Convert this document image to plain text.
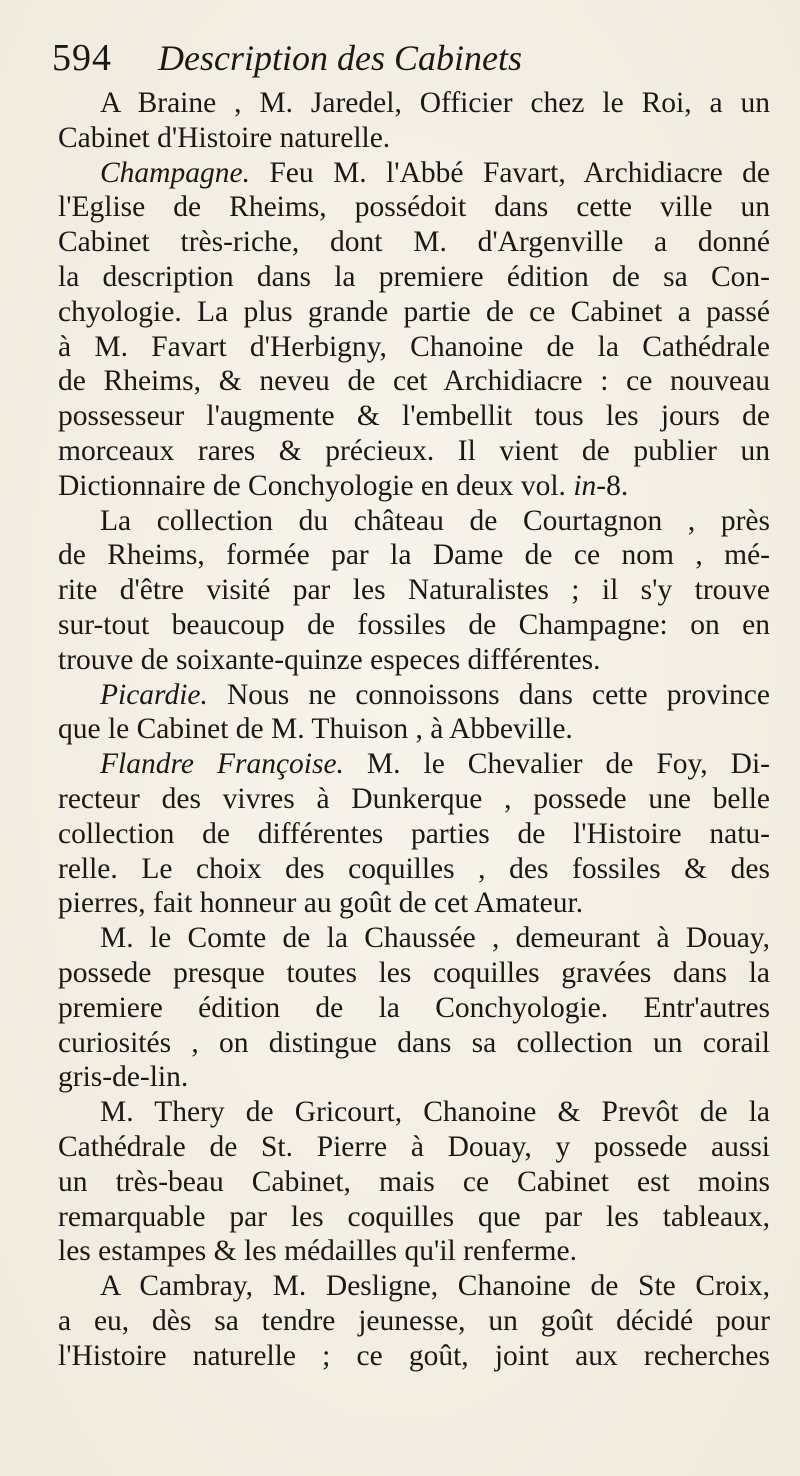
594 Description des Cabinets
A Braine , M. Jaredel, Officier chez le Roi, a un
Cabinet d'Histoire naturelle.
Champagne. Feu M. l'Abbé Favart, Archidiacre de
l'Eglise de Rheims, possédoit dans cette ville un
Cabinet très-riche, dont M. d'Argenville a donné
la description dans la premiere édition de sa Con-
chyologie. La plus grande partie de ce Cabinet a passé
à M. Favart d'Herbigny, Chanoine de la Cathédrale
de Rheims, & neveu de cet Archidiacre : ce nouveau
possesseur l'augmente & l'embellit tous les jours de
morceaux rares & précieux. Il vient de publier un
Dictionnaire de Conchyologie en deux vol. in-8.
La collection du château de Courtagnon , près
de Rheims, formée par la Dame de ce nom , mé-
rite d'être visité par les Naturalistes ; il s'y trouve
sur-tout beaucoup de fossiles de Champagne: on en
trouve de soixante-quinze especes différentes.
Picardie. Nous ne connoissons dans cette province
que le Cabinet de M. Thuison , à Abbeville.
Flandre Françoise. M. le Chevalier de Foy, Di-
recteur des vivres à Dunkerque , possede une belle
collection de différentes parties de l'Histoire natu-
relle. Le choix des coquilles , des fossiles & des
pierres, fait honneur au goût de cet Amateur.
M. le Comte de la Chaussée , demeurant à Douay,
possede presque toutes les coquilles gravées dans la
premiere édition de la Conchyologie. Entr'autres
curiosités , on distingue dans sa collection un corail
gris-de-lin.
M. Thery de Gricourt, Chanoine & Prevôt de la
Cathédrale de St. Pierre à Douay, y possede aussi
un très-beau Cabinet, mais ce Cabinet est moins
remarquable par les coquilles que par les tableaux,
les estampes & les médailles qu'il renferme.
A Cambray, M. Desligne, Chanoine de Ste Croix,
a eu, dès sa tendre jeunesse, un goût décidé pour
l'Histoire naturelle ; ce goût, joint aux recherches
